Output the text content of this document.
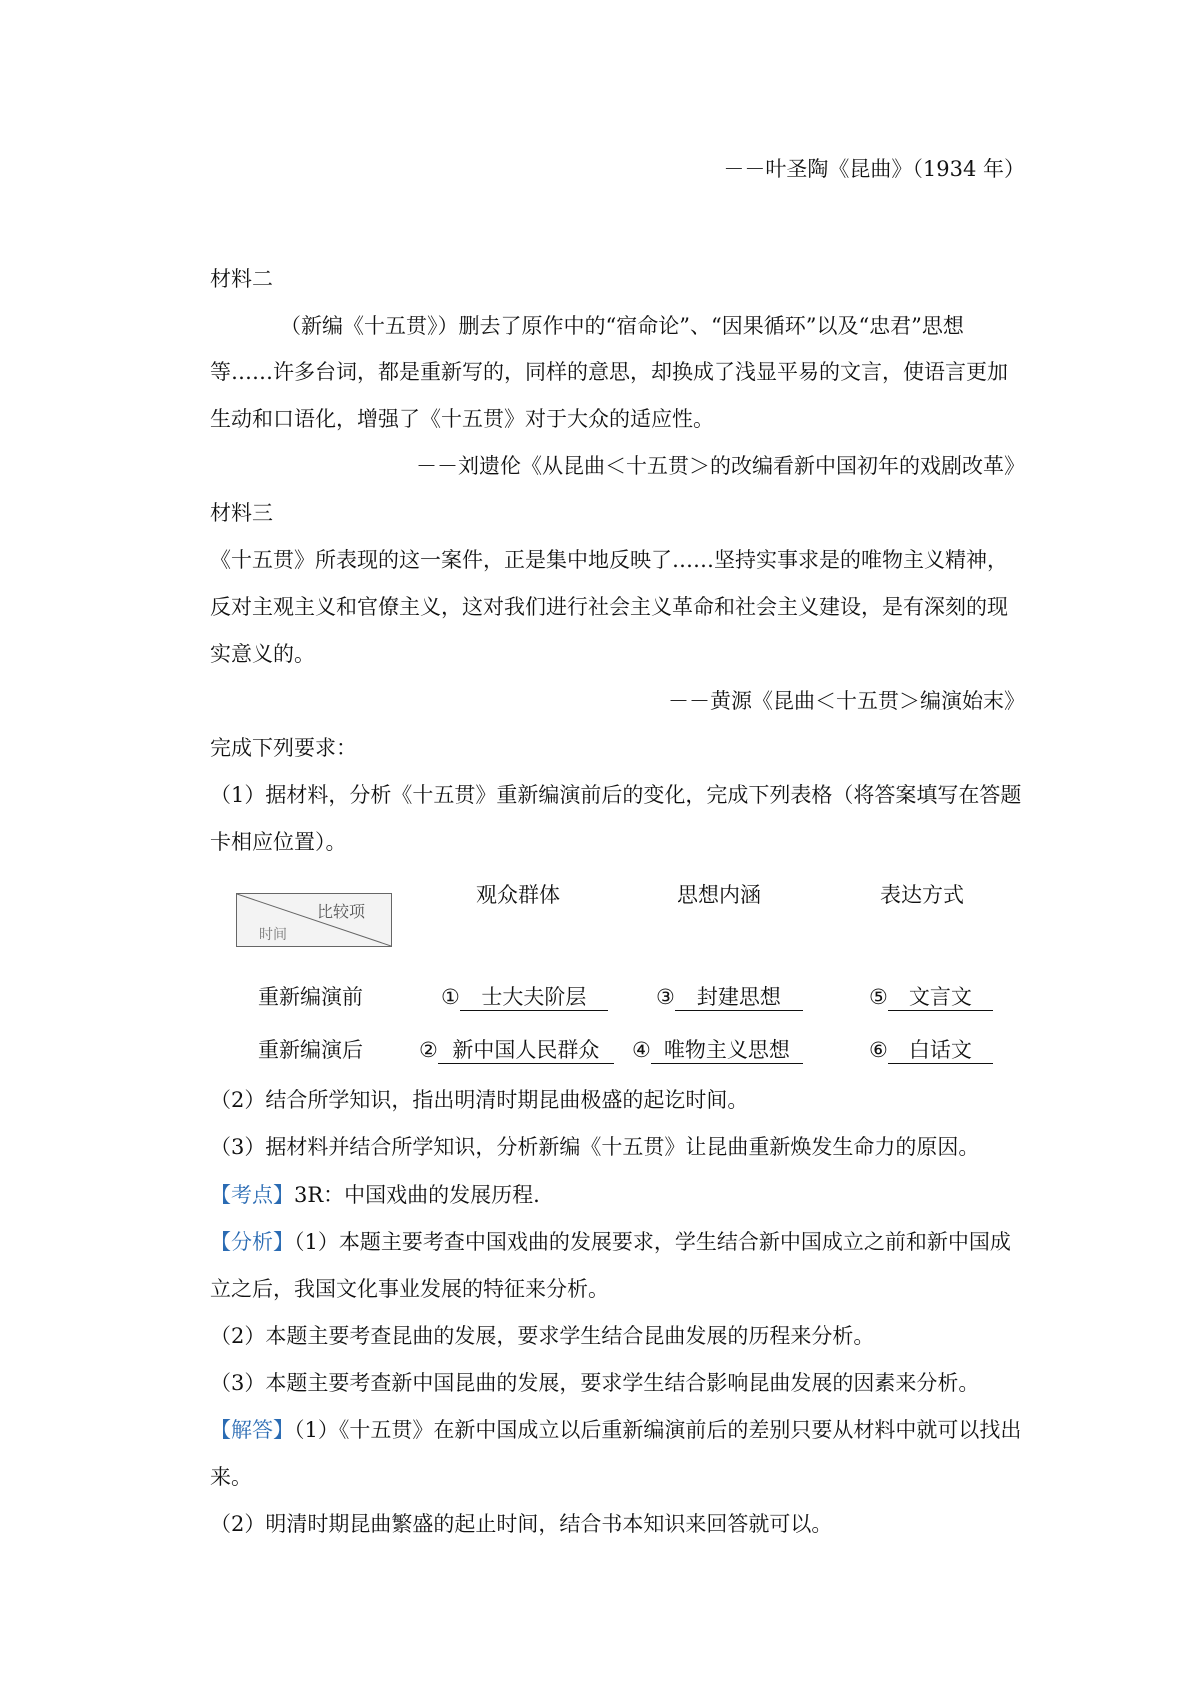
－－叶圣陶《昆曲》（1934 年）
材料二
（新编《十五贯》）删去了原作中的“宿命论”、“因果循环”以及“忠君”思想
等……许多台词，都是重新写的，同样的意思，却换成了浅显平易的文言，使语言更加
生动和口语化，增强了《十五贯》对于大众的适应性。
－－刘遗伦《从昆曲＜十五贯＞的改编看新中国初年的戏剧改革》
材料三
《十五贯》所表现的这一案件，正是集中地反映了……坚持实事求是的唯物主义精神，
反对主观主义和官僚主义，这对我们进行社会主义革命和社会主义建设，是有深刻的现
实意义的。
－－黄源《昆曲＜十五贯＞编演始末》
完成下列要求：
（1）据材料，分析《十五贯》重新编演前后的变化，完成下列表格（将答案填写在答题
卡相应位置）。
比较项
时间
观众群体	思想内涵	表达方式
重新编演前	① 士大夫阶层	③ 封建思想	⑤ 文言文
重新编演后	② 新中国人民群众	④ 唯物主义思想	⑥ 白话文
（2）结合所学知识，指出明清时期昆曲极盛的起讫时间。
（3）据材料并结合所学知识，分析新编《十五贯》让昆曲重新焕发生命力的原因。
【考点】3R：中国戏曲的发展历程.
【分析】（1）本题主要考查中国戏曲的发展要求，学生结合新中国成立之前和新中国成
立之后，我国文化事业发展的特征来分析。
（2）本题主要考查昆曲的发展，要求学生结合昆曲发展的历程来分析。
（3）本题主要考查新中国昆曲的发展，要求学生结合影响昆曲发展的因素来分析。
【解答】（1）《十五贯》在新中国成立以后重新编演前后的差别只要从材料中就可以找出
来。
（2）明清时期昆曲繁盛的起止时间，结合书本知识来回答就可以。
